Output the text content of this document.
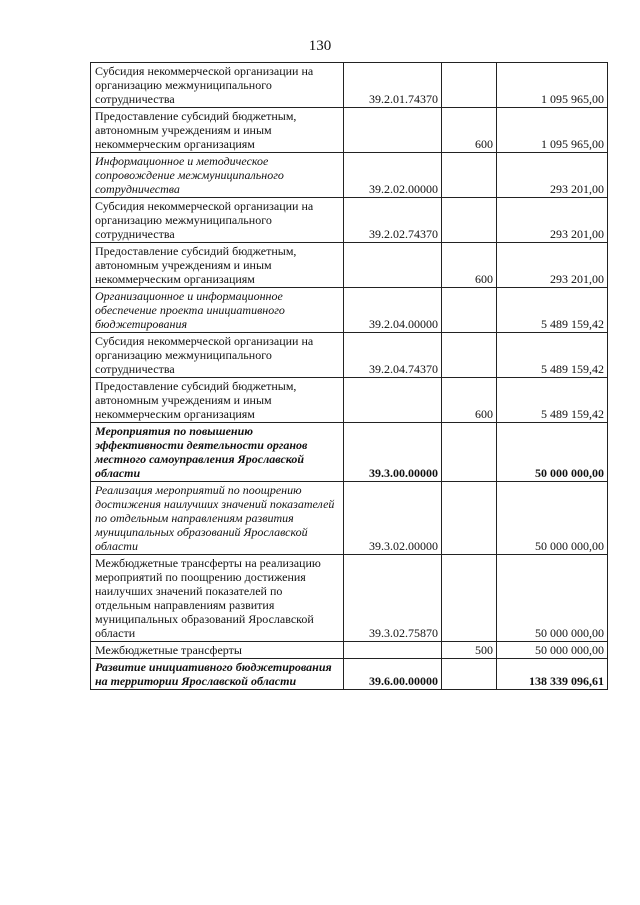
130
Субсидия некоммерческой организации на организацию межмуниципального сотрудничества	39.2.01.74370		1 095 965,00
Предоставление субсидий бюджетным, автономным учреждениям и иным некоммерческим организациям		600	1 095 965,00
Информационное и методическое сопровождение межмуниципального сотрудничества	39.2.02.00000		293 201,00
Субсидия некоммерческой организации на организацию межмуниципального сотрудничества	39.2.02.74370		293 201,00
Предоставление субсидий бюджетным, автономным учреждениям и иным некоммерческим организациям		600	293 201,00
Организационное и информационное обеспечение проекта инициативного бюджетирования	39.2.04.00000		5 489 159,42
Субсидия некоммерческой организации на организацию межмуниципального сотрудничества	39.2.04.74370		5 489 159,42
Предоставление субсидий бюджетным, автономным учреждениям и иным некоммерческим организациям		600	5 489 159,42
Мероприятия по повышению эффективности деятельности органов местного самоуправления Ярославской области	39.3.00.00000		50 000 000,00
Реализация мероприятий по поощрению достижения наилучших значений показателей по отдельным направлениям развития муниципальных образований Ярославской области	39.3.02.00000		50 000 000,00
Межбюджетные трансферты на реализацию мероприятий по поощрению достижения наилучших значений показателей по отдельным направлениям развития муниципальных образований Ярославской области	39.3.02.75870		50 000 000,00
Межбюджетные трансферты		500	50 000 000,00
Развитие инициативного бюджетирования на территории Ярославской области	39.6.00.00000		138 339 096,61
